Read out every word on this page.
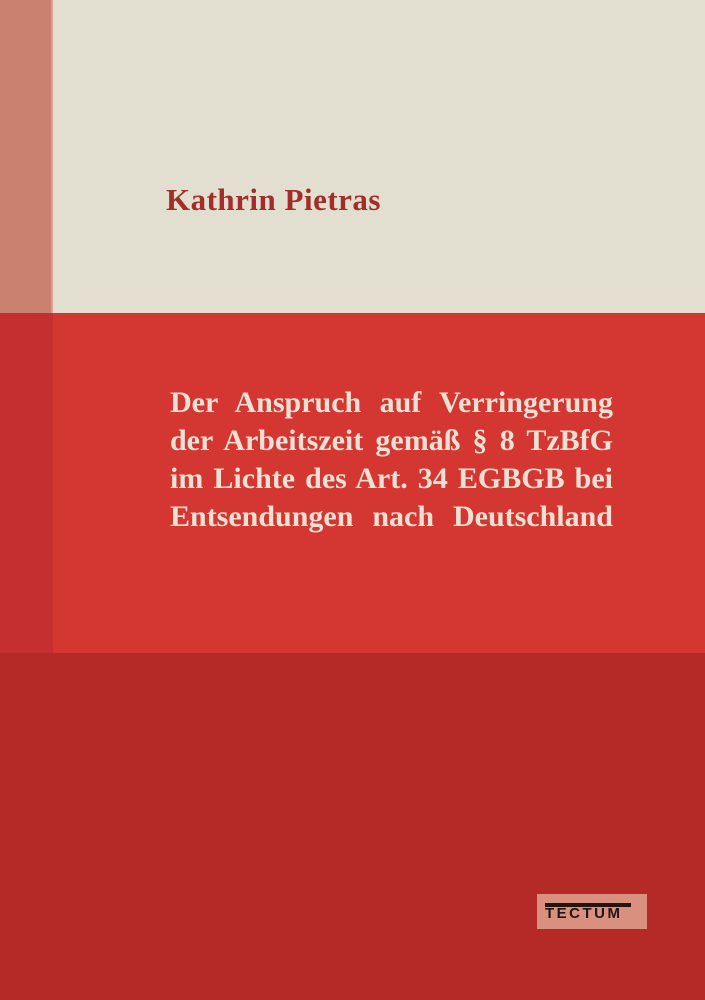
Kathrin Pietras
Der Anspruch auf Verringerung
der Arbeitszeit gemäß § 8 TzBfG
im Lichte des Art. 34 EGBGB bei
Entsendungen nach Deutschland
TECTUM
